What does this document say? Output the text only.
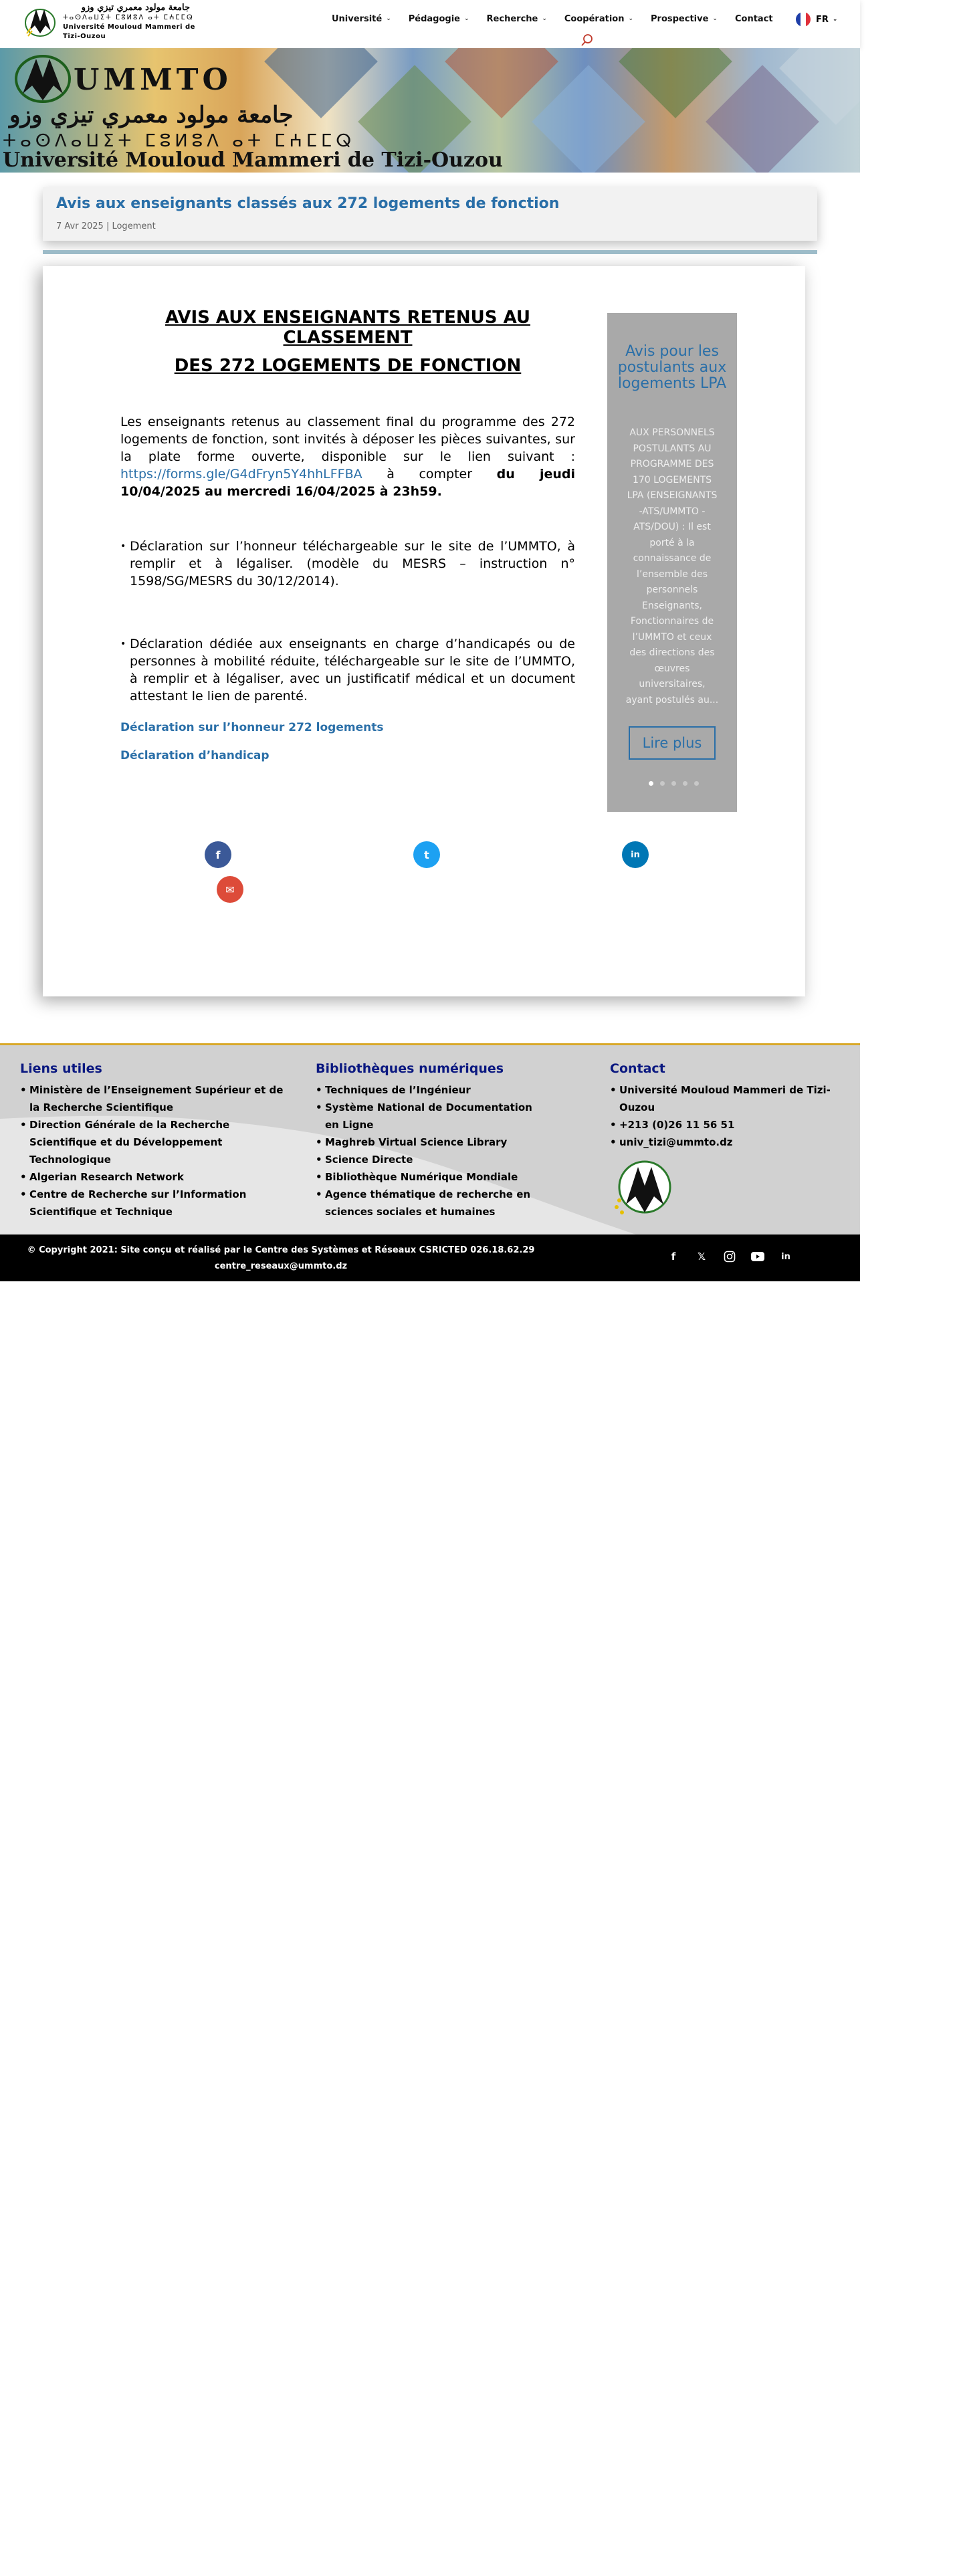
جامعة مولود معمري تيزي وزو
ⵜⴰⵙⴷⴰⵡⵉⵜ ⵎⵓⵍⵓⴷ ⴰⵜ ⵎⵄⵎⵎⵕ
Université Mouloud Mammeri de Tizi-Ouzou
Université ⌄ Pédagogie ⌄ Recherche ⌄ Coopération ⌄ Prospective ⌄ Contact	FR ⌄
UMMTO
جامعة مولود معمري تيزي وزو
ⵜⴰⵙⴷⴰⵡⵉⵜ ⵎⵓⵍⵓⴷ ⴰⵜ ⵎⵄⵎⵎⵕ
Université Mouloud Mammeri de Tizi-Ouzou
Avis aux enseignants classés aux 272 logements de fonction
7 Avr 2025 | Logement
AVIS AUX ENSEIGNANTS RETENUS AU CLASSEMENT
DES 272 LOGEMENTS DE FONCTION

Les enseignants retenus au classement final du programme des 272 logements de fonction, sont invités à déposer les pièces suivantes, sur la plate forme ouverte, disponible sur le lien suivant : https://forms.gle/G4dFryn5Y4hhLFFBA à compter du jeudi 10/04/2025 au mercredi 16/04/2025 à 23h59.

• Déclaration sur l’honneur téléchargeable sur le site de l’UMMTO, à remplir et à légaliser. (modèle du MESRS – instruction n° 1598/SG/MESRS du 30/12/2014).
• Déclaration dédiée aux enseignants en charge d’handicapés ou de personnes à mobilité réduite, téléchargeable sur le site de l’UMMTO, à remplir et à légaliser, avec un justificatif médical et un document attestant le lien de parenté.
Déclaration sur l’honneur 272 logements
Déclaration d’handicap
Avis pour les postulants aux logements LPA
AUX PERSONNELS POSTULANTS AU PROGRAMME DES 170 LOGEMENTS LPA (ENSEIGNANTS -ATS/UMMTO - ATS/DOU) : Il est porté à la connaissance de l’ensemble des personnels Enseignants, Fonctionnaires de l’UMMTO et ceux des directions des œuvres universitaires, ayant postulés au...
Lire plus
f	t	in
✉
Liens utiles
• Ministère de l’Enseignement Supérieur et de la Recherche Scientifique
• Direction Générale de la Recherche Scientifique et du Développement Technologique
• Algerian Research Network
• Centre de Recherche sur l’Information Scientifique et Technique
Bibliothèques numériques
• Techniques de l’Ingénieur
• Système National de Documentation en Ligne
• Maghreb Virtual Science Library
• Science Directe
• Bibliothèque Numérique Mondiale
• Agence thématique de recherche en sciences sociales et humaines
Contact
• Université Mouloud Mammeri de Tizi-Ouzou
• +213 (0)26 11 56 51
• univ_tizi@ummto.dz
© Copyright 2021: Site conçu et réalisé par le Centre des Systèmes et Réseaux CSRICTED 026.18.62.29
centre_reseaux@ummto.dz
f	𝕏	in
